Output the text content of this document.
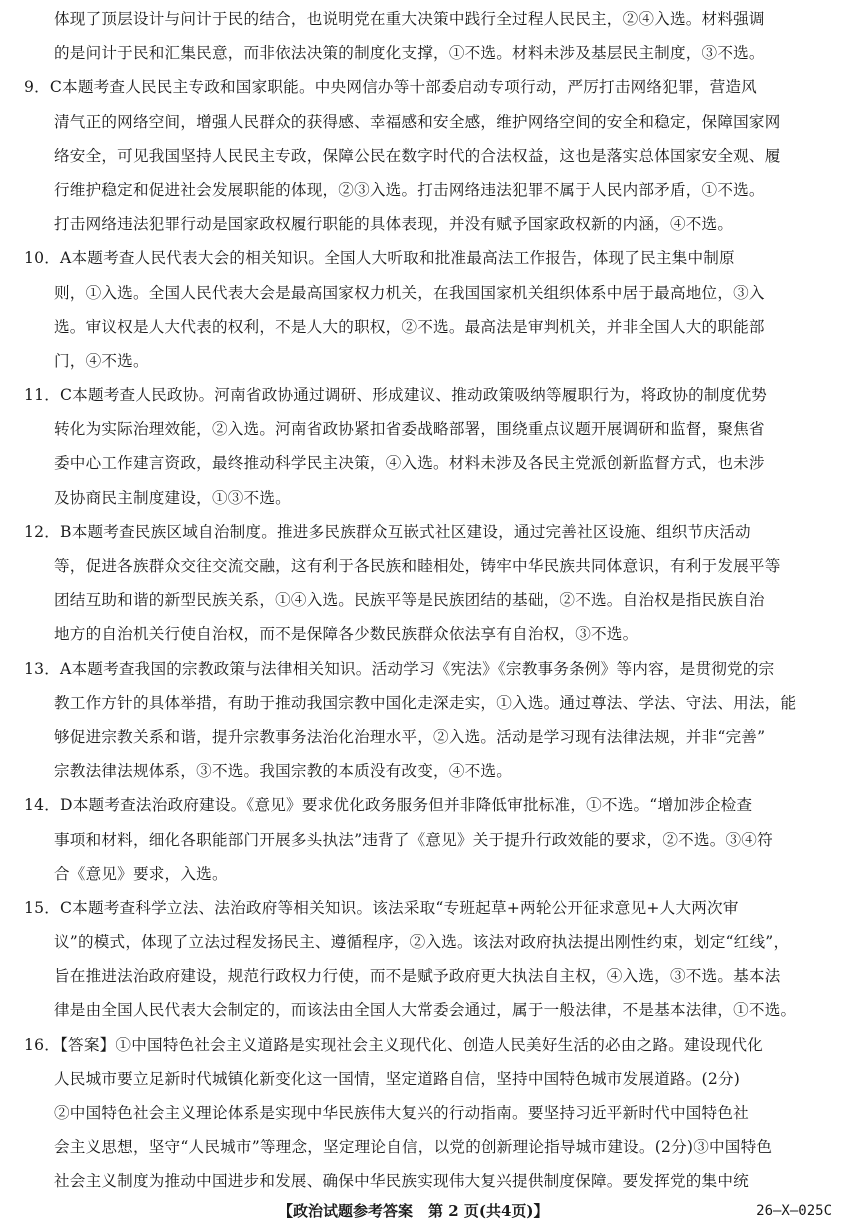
体现了顶层设计与问计于民的结合，也说明党在重大决策中践行全过程人民民主，②④入选。材料强调
的是问计于民和汇集民意，而非依法决策的制度化支撑，①不选。材料未涉及基层民主制度，③不选。
9．C本题考查人民民主专政和国家职能。中央网信办等十部委启动专项行动，严厉打击网络犯罪，营造风
清气正的网络空间，增强人民群众的获得感、幸福感和安全感，维护网络空间的安全和稳定，保障国家网
络安全，可见我国坚持人民民主专政，保障公民在数字时代的合法权益，这也是落实总体国家安全观、履
行维护稳定和促进社会发展职能的体现，②③入选。打击网络违法犯罪不属于人民内部矛盾，①不选。
打击网络违法犯罪行动是国家政权履行职能的具体表现，并没有赋予国家政权新的内涵，④不选。
10．A本题考查人民代表大会的相关知识。全国人大听取和批准最高法工作报告，体现了民主集中制原
则，①入选。全国人民代表大会是最高国家权力机关，在我国国家机关组织体系中居于最高地位，③入
选。审议权是人大代表的权利，不是人大的职权，②不选。最高法是审判机关，并非全国人大的职能部
门，④不选。
11．C本题考查人民政协。河南省政协通过调研、形成建议、推动政策吸纳等履职行为，将政协的制度优势
转化为实际治理效能，②入选。河南省政协紧扣省委战略部署，围绕重点议题开展调研和监督，聚焦省
委中心工作建言资政，最终推动科学民主决策，④入选。材料未涉及各民主党派创新监督方式，也未涉
及协商民主制度建设，①③不选。
12．B本题考查民族区域自治制度。推进多民族群众互嵌式社区建设，通过完善社区设施、组织节庆活动
等，促进各族群众交往交流交融，这有利于各民族和睦相处，铸牢中华民族共同体意识，有利于发展平等
团结互助和谐的新型民族关系，①④入选。民族平等是民族团结的基础，②不选。自治权是指民族自治
地方的自治机关行使自治权，而不是保障各少数民族群众依法享有自治权，③不选。
13．A本题考查我国的宗教政策与法律相关知识。活动学习《宪法》《宗教事务条例》等内容，是贯彻党的宗
教工作方针的具体举措，有助于推动我国宗教中国化走深走实，①入选。通过尊法、学法、守法、用法，能
够促进宗教关系和谐，提升宗教事务法治化治理水平，②入选。活动是学习现有法律法规，并非“完善”
宗教法律法规体系，③不选。我国宗教的本质没有改变，④不选。
14．D本题考查法治政府建设。《意见》要求优化政务服务但并非降低审批标准，①不选。“增加涉企检查
事项和材料，细化各职能部门开展多头执法”违背了《意见》关于提升行政效能的要求，②不选。③④符
合《意见》要求，入选。
15．C本题考查科学立法、法治政府等相关知识。该法采取“专班起草+两轮公开征求意见+人大两次审
议”的模式，体现了立法过程发扬民主、遵循程序，②入选。该法对政府执法提出刚性约束，划定“红线”，
旨在推进法治政府建设，规范行政权力行使，而不是赋予政府更大执法自主权，④入选，③不选。基本法
律是由全国人民代表大会制定的，而该法由全国人大常委会通过，属于一般法律，不是基本法律，①不选。
16．【答案】①中国特色社会主义道路是实现社会主义现代化、创造人民美好生活的必由之路。建设现代化
人民城市要立足新时代城镇化新变化这一国情，坚定道路自信，坚持中国特色城市发展道路。(2分)
②中国特色社会主义理论体系是实现中华民族伟大复兴的行动指南。要坚持习近平新时代中国特色社
会主义思想，坚守“人民城市”等理念，坚定理论自信，以党的创新理论指导城市建设。(2分)③中国特色
社会主义制度为推动中国进步和发展、确保中华民族实现伟大复兴提供制度保障。要发挥党的集中统
【政治试题参考答案　第 2 页(共4页)】	26—X—025C
